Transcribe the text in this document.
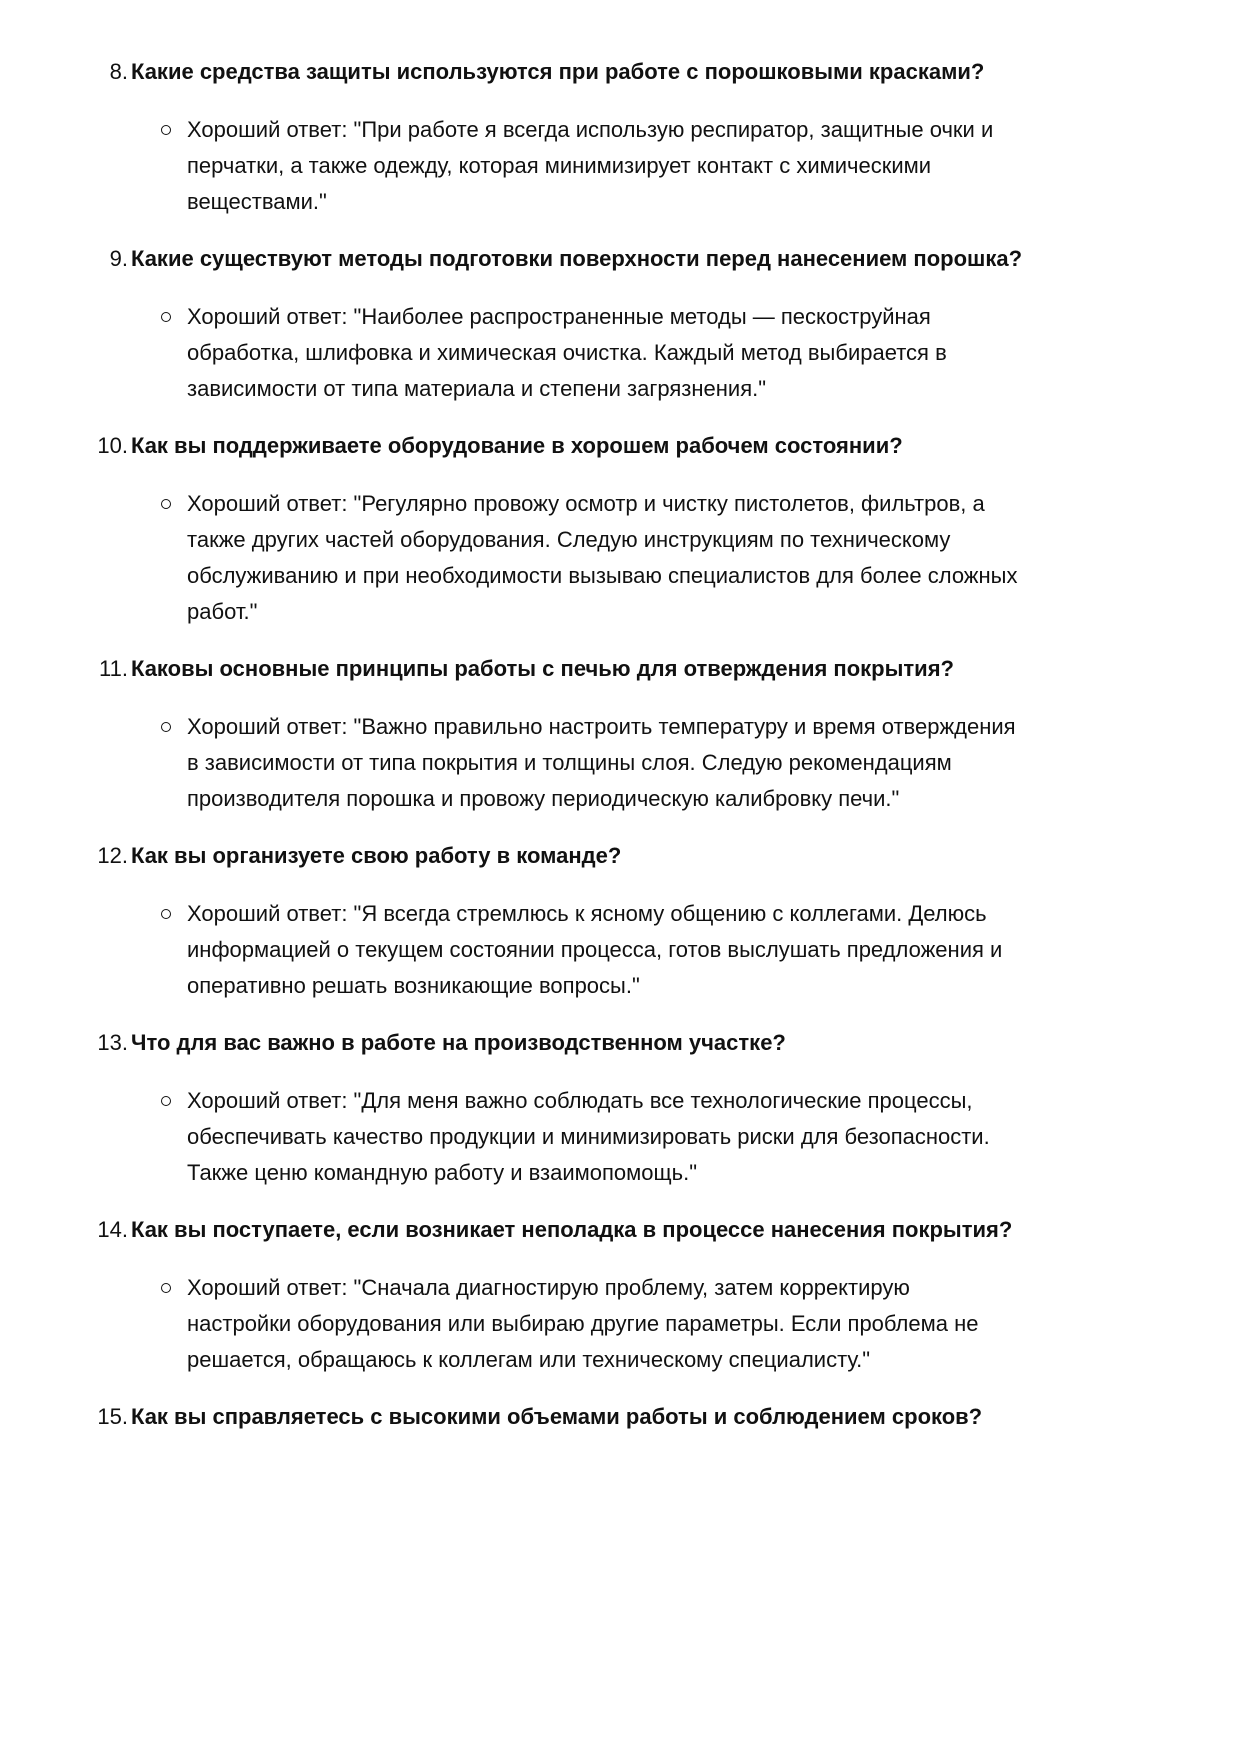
8. Какие средства защиты используются при работе с порошковыми красками?
Хороший ответ: "При работе я всегда использую респиратор, защитные очки и
перчатки, а также одежду, которая минимизирует контакт с химическими
веществами."
9. Какие существуют методы подготовки поверхности перед нанесением порошка?
Хороший ответ: "Наиболее распространенные методы — пескоструйная
обработка, шлифовка и химическая очистка. Каждый метод выбирается в
зависимости от типа материала и степени загрязнения."
10. Как вы поддерживаете оборудование в хорошем рабочем состоянии?
Хороший ответ: "Регулярно провожу осмотр и чистку пистолетов, фильтров, а
также других частей оборудования. Следую инструкциям по техническому
обслуживанию и при необходимости вызываю специалистов для более сложных
работ."
11. Каковы основные принципы работы с печью для отверждения покрытия?
Хороший ответ: "Важно правильно настроить температуру и время отверждения
в зависимости от типа покрытия и толщины слоя. Следую рекомендациям
производителя порошка и провожу периодическую калибровку печи."
12. Как вы организуете свою работу в команде?
Хороший ответ: "Я всегда стремлюсь к ясному общению с коллегами. Делюсь
информацией о текущем состоянии процесса, готов выслушать предложения и
оперативно решать возникающие вопросы."
13. Что для вас важно в работе на производственном участке?
Хороший ответ: "Для меня важно соблюдать все технологические процессы,
обеспечивать качество продукции и минимизировать риски для безопасности.
Также ценю командную работу и взаимопомощь."
14. Как вы поступаете, если возникает неполадка в процессе нанесения покрытия?
Хороший ответ: "Сначала диагностирую проблему, затем корректирую
настройки оборудования или выбираю другие параметры. Если проблема не
решается, обращаюсь к коллегам или техническому специалисту."
15. Как вы справляетесь с высокими объемами работы и соблюдением сроков?
